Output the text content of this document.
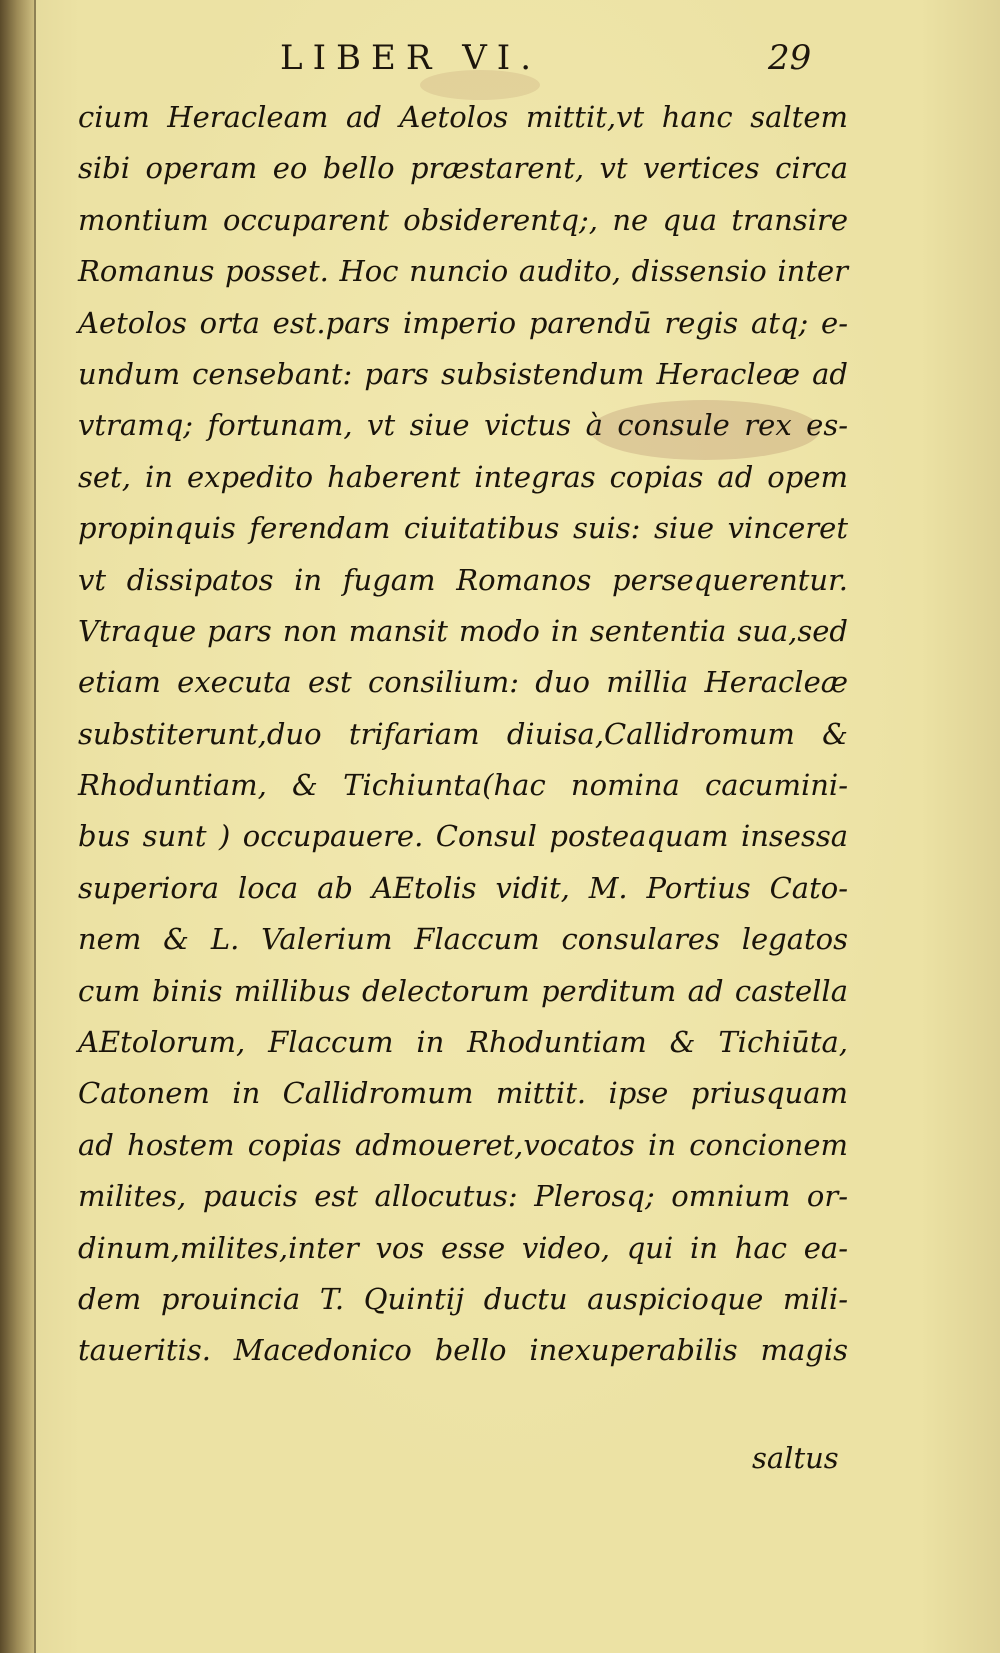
LIBER VI.	29
cium Heracleam ad Aetolos mittit,vt hanc saltem
sibi operam eo bello præstarent, vt vertices circa
montium occuparent obsiderentq;, ne qua transire
Romanus posset. Hoc nuncio audito, dissensio inter
Aetolos orta est.pars imperio parendū regis atq; e-
undum censebant: pars subsistendum Heracleæ ad
vtramq; fortunam, vt siue victus à consule rex es-
set, in expedito haberent integras copias ad opem
propinquis ferendam ciuitatibus suis: siue vinceret
vt dissipatos in fugam Romanos persequerentur.
Vtraque pars non mansit modo in sententia sua,sed
etiam executa est consilium: duo millia Heracleæ
substiterunt,duo trifariam diuisa,Callidromum &
Rhoduntiam, & Tichiunta(hac nomina cacumini-
bus sunt ) occupauere. Consul posteaquam insessa
superiora loca ab AEtolis vidit, M. Portius Cato-
nem & L. Valerium Flaccum consulares legatos
cum binis millibus delectorum perditum ad castella
AEtolorum, Flaccum in Rhoduntiam & Tichiūta,
Catonem in Callidromum mittit. ipse priusquam
ad hostem copias admoueret,vocatos in concionem
milites, paucis est allocutus: Plerosq; omnium or-
dinum,milites,inter vos esse video, qui in hac ea-
dem prouincia T. Quintij ductu auspicioque mili-
taueritis. Macedonico bello inexuperabilis magis
saltus
